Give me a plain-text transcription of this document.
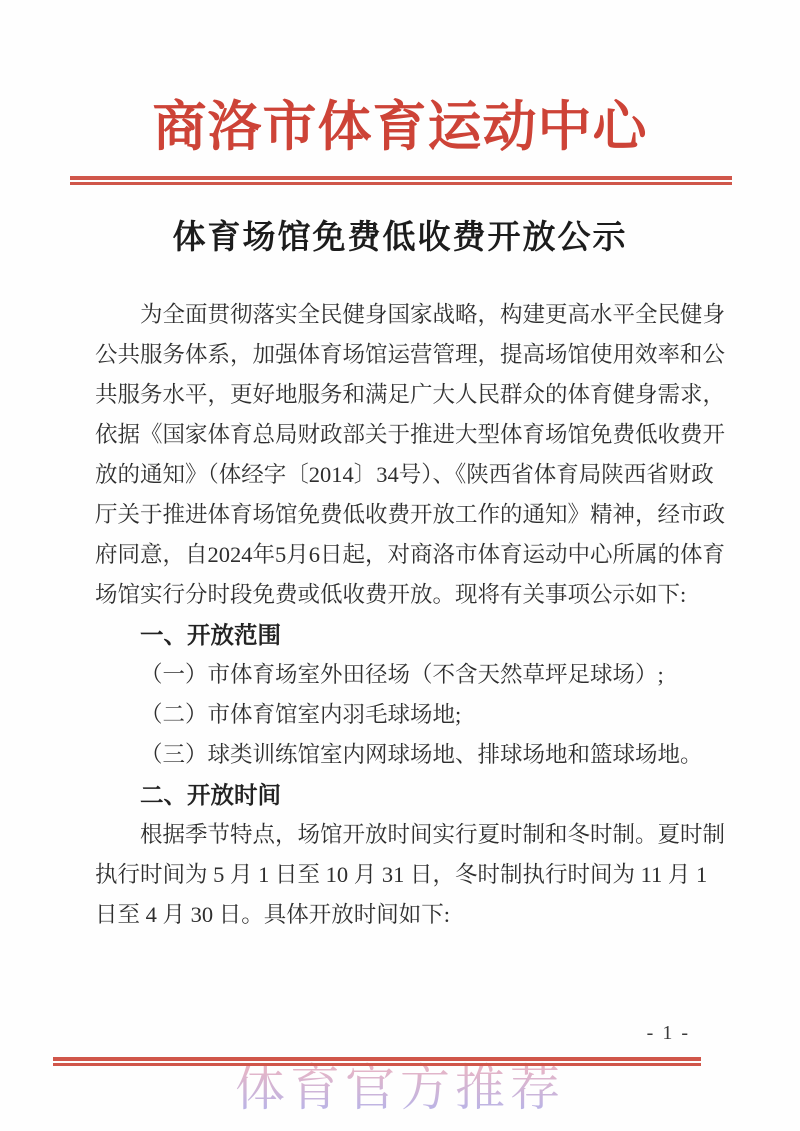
商洛市体育运动中心
体育场馆免费低收费开放公示
为全面贯彻落实全民健身国家战略，构建更高水平全民健身
公共服务体系，加强体育场馆运营管理，提高场馆使用效率和公
共服务水平，更好地服务和满足广大人民群众的体育健身需求，
依据《国家体育总局财政部关于推进大型体育场馆免费低收费开
放的通知》（体经字〔2014〕34号）、《陕西省体育局陕西省财政
厅关于推进体育场馆免费低收费开放工作的通知》精神，经市政
府同意，自2024年5月6日起，对商洛市体育运动中心所属的体育
场馆实行分时段免费或低收费开放。现将有关事项公示如下:
一、开放范围
（一）市体育场室外田径场（不含天然草坪足球场）;
（二）市体育馆室内羽毛球场地;
（三）球类训练馆室内网球场地、排球场地和篮球场地。
二、开放时间
根据季节特点，场馆开放时间实行夏时制和冬时制。夏时制
执行时间为 5 月 1 日至 10 月 31 日，冬时制执行时间为 11 月 1
日至 4 月 30 日。具体开放时间如下:
- 1 -
体育官方推荐
